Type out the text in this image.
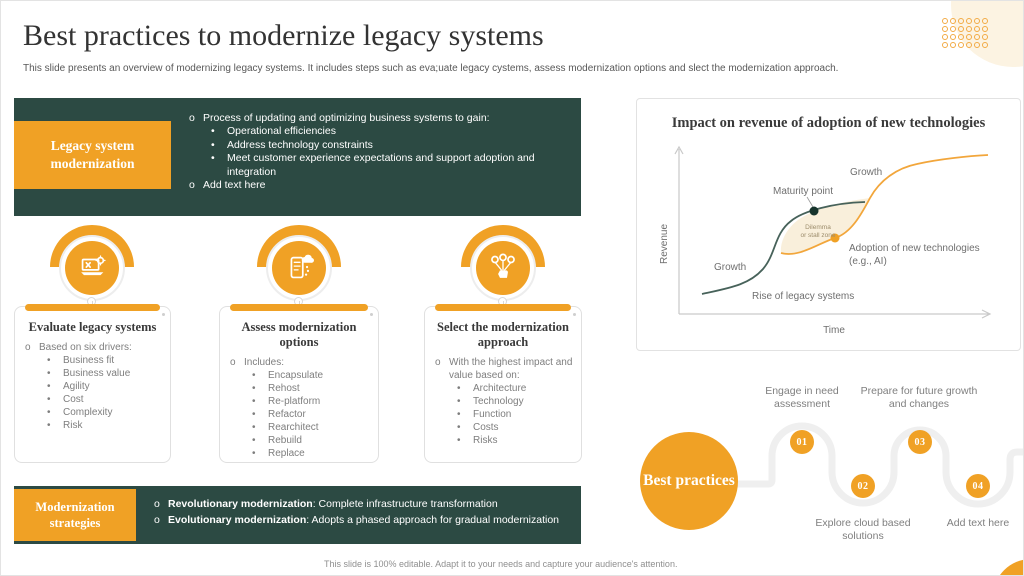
Best practices to modernize legacy systems
This slide presents an overview of modernizing legacy systems. It includes steps such as eva;uate legacy cystems, assess modernization options and slect the modernization approach.
Legacy system modernization
o
Process of updating and optimizing business systems to gain:
•
Operational efficiencies
•
Address technology constraints
•
Meet customer experience expectations and support adoption and integration
o
Add text here
Evaluate legacy systems
o
Based on six drivers:
•
Business fit
•
Business value
•
Agility
•
Cost
•
Complexity
•
Risk
Assess modernization options
o
Includes:
•
Encapsulate
•
Rehost
•
Re-platform
•
Refactor
•
Rearchitect
•
Rebuild
•
Replace
Select the modernization approach
o
With the highest impact and value based on:
•
Architecture
•
Technology
•
Function
•
Costs
•
Risks
Modernization strategies
o
Revolutionary modernization: Complete infrastructure transformation
o
Evolutionary modernization: Adopts a phased approach for gradual modernization
Impact on revenue of adoption of new technologies
Growth
Rise of legacy systems
Maturity point
Growth
Adoption of new technologies
(e.g., AI)
Dilemma
or stall zone
Revenue
Time
Best practices
01
02
03
04
Engage in need assessment
Prepare for future growth and changes
Explore cloud based solutions
Add text here
This slide is 100% editable. Adapt it to your needs and capture your audience's attention.
